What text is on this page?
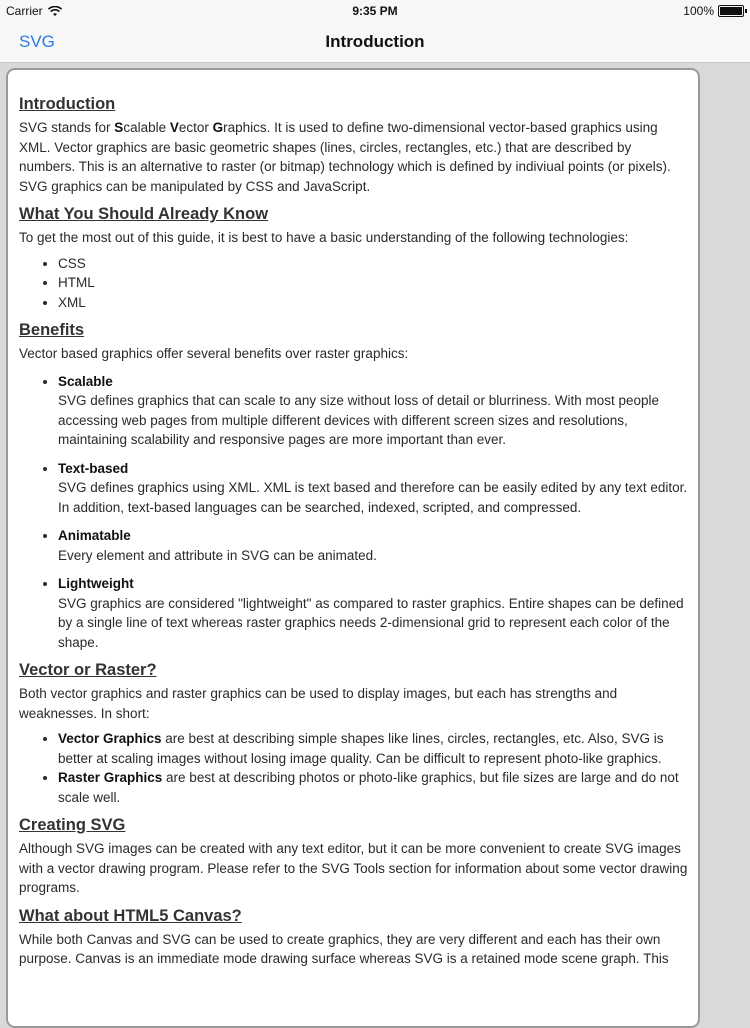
Carrier	9:35 PM	100%
SVG	Introduction
Introduction

SVG stands for Scalable Vector Graphics. It is used to define two-dimensional vector-based graphics using XML. Vector graphics are basic geometric shapes (lines, circles, rectangles, etc.) that are described by numbers. This is an alternative to raster (or bitmap) technology which is defined by indiviual points (or pixels). SVG graphics can be manipulated by CSS and JavaScript.

What You Should Already Know

To get the most out of this guide, it is best to have a basic understanding of the following technologies:

• CSS
• HTML
• XML
Benefits

Vector based graphics offer several benefits over raster graphics:

• Scalable
SVG defines graphics that can scale to any size without loss of detail or blurriness. With most people accessing web pages from multiple different devices with different screen sizes and resolutions, maintaining scalability and responsive pages are more important than ever.
• Text-based
SVG defines graphics using XML. XML is text based and therefore can be easily edited by any text editor. In addition, text-based languages can be searched, indexed, scripted, and compressed.
• Animatable
Every element and attribute in SVG can be animated.
• Lightweight
SVG graphics are considered "lightweight" as compared to raster graphics. Entire shapes can be defined by a single line of text whereas raster graphics needs 2-dimensional grid to represent each color of the shape.
Vector or Raster?

Both vector graphics and raster graphics can be used to display images, but each has strengths and weaknesses. In short:

• Vector Graphics are best at describing simple shapes like lines, circles, rectangles, etc. Also, SVG is better at scaling images without losing image quality. Can be difficult to represent photo-like graphics.
• Raster Graphics are best at describing photos or photo-like graphics, but file sizes are large and do not scale well.
Creating SVG

Although SVG images can be created with any text editor, but it can be more convenient to create SVG images with a vector drawing program. Please refer to the SVG Tools section for information about some vector drawing programs.

What about HTML5 Canvas?

While both Canvas and SVG can be used to create graphics, they are very different and each has their own purpose. Canvas is an immediate mode drawing surface whereas SVG is a retained mode scene graph. This
